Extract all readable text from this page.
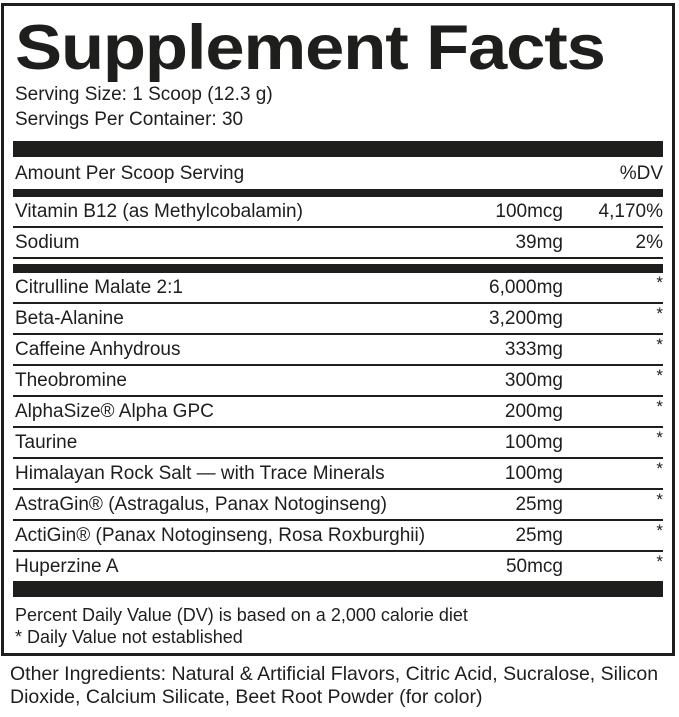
Supplement Facts
Serving Size: 1 Scoop (12.3 g)
Servings Per Container: 30
Amount Per Scoop Serving	%DV
Vitamin B12 (as Methylcobalamin)	100mcg	4,170%
Sodium	39mg	2%
Citrulline Malate 2:1	6,000mg	*
Beta-Alanine	3,200mg	*
Caffeine Anhydrous	333mg	*
Theobromine	300mg	*
AlphaSize® Alpha GPC	200mg	*
Taurine	100mg	*
Himalayan Rock Salt — with Trace Minerals	100mg	*
AstraGin® (Astragalus, Panax Notoginseng)	25mg	*
ActiGin® (Panax Notoginseng, Rosa Roxburghii)	25mg	*
Huperzine A	50mcg	*
Percent Daily Value (DV) is based on a 2,000 calorie diet
* Daily Value not established

Other Ingredients: Natural & Artificial Flavors, Citric Acid, Sucralose, Silicon Dioxide, Calcium Silicate, Beet Root Powder (for color)
